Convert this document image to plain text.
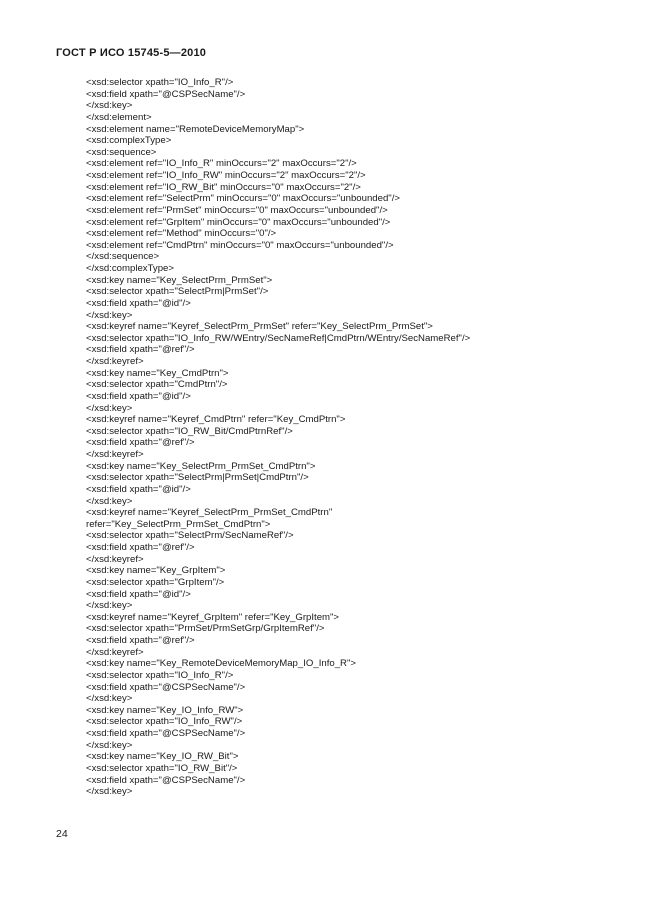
ГОСТ Р ИСО 15745-5—2010
<xsd:selector xpath="IO_Info_R"/>
<xsd:field xpath="@CSPSecName"/>
</xsd:key>
</xsd:element>
<xsd:element name="RemoteDeviceMemoryMap">
<xsd:complexType>
<xsd:sequence>
<xsd:element ref="IO_Info_R" minOccurs="2" maxOccurs="2"/>
<xsd:element ref="IO_Info_RW" minOccurs="2" maxOccurs="2"/>
<xsd:element ref="IO_RW_Bit" minOccurs="0" maxOccurs="2"/>
<xsd:element ref="SelectPrm" minOccurs="0" maxOccurs="unbounded"/>
<xsd:element ref="PrmSet" minOccurs="0" maxOccurs="unbounded"/>
<xsd:element ref="GrpItem" minOccurs="0" maxOccurs="unbounded"/>
<xsd:element ref="Method" minOccurs="0"/>
<xsd:element ref="CmdPtrn" minOccurs="0" maxOccurs="unbounded"/>
</xsd:sequence>
</xsd:complexType>
<xsd:key name="Key_SelectPrm_PrmSet">
<xsd:selector xpath="SelectPrm|PrmSet"/>
<xsd:field xpath="@id"/>
</xsd:key>
<xsd:keyref name="Keyref_SelectPrm_PrmSet" refer="Key_SelectPrm_PrmSet">
<xsd:selector xpath="IO_Info_RW/WEntry/SecNameRef|CmdPtrn/WEntry/SecNameRef"/>
<xsd:field xpath="@ref"/>
</xsd:keyref>
<xsd:key name="Key_CmdPtrn">
<xsd:selector xpath="CmdPtrn"/>
<xsd:field xpath="@id"/>
</xsd:key>
<xsd:keyref name="Keyref_CmdPtrn" refer="Key_CmdPtrn">
<xsd:selector xpath="IO_RW_Bit/CmdPtrnRef"/>
<xsd:field xpath="@ref"/>
</xsd:keyref>
<xsd:key name="Key_SelectPrm_PrmSet_CmdPtrn">
<xsd:selector xpath="SelectPrm|PrmSet|CmdPtrn"/>
<xsd:field xpath="@id"/>
</xsd:key>
<xsd:keyref name="Keyref_SelectPrm_PrmSet_CmdPtrn"
refer="Key_SelectPrm_PrmSet_CmdPtrn">
<xsd:selector xpath="SelectPrm/SecNameRef"/>
<xsd:field xpath="@ref"/>
</xsd:keyref>
<xsd:key name="Key_GrpItem">
<xsd:selector xpath="GrpItem"/>
<xsd:field xpath="@id"/>
</xsd:key>
<xsd:keyref name="Keyref_GrpItem" refer="Key_GrpItem">
<xsd:selector xpath="PrmSet/PrmSetGrp/GrpItemRef"/>
<xsd:field xpath="@ref"/>
</xsd:keyref>
<xsd:key name="Key_RemoteDeviceMemoryMap_IO_Info_R">
<xsd:selector xpath="IO_Info_R"/>
<xsd:field xpath="@CSPSecName"/>
</xsd:key>
<xsd:key name="Key_IO_Info_RW">
<xsd:selector xpath="IO_Info_RW"/>
<xsd:field xpath="@CSPSecName"/>
</xsd:key>
<xsd:key name="Key_IO_RW_Bit">
<xsd:selector xpath="IO_RW_Bit"/>
<xsd:field xpath="@CSPSecName"/>
</xsd:key>
24
